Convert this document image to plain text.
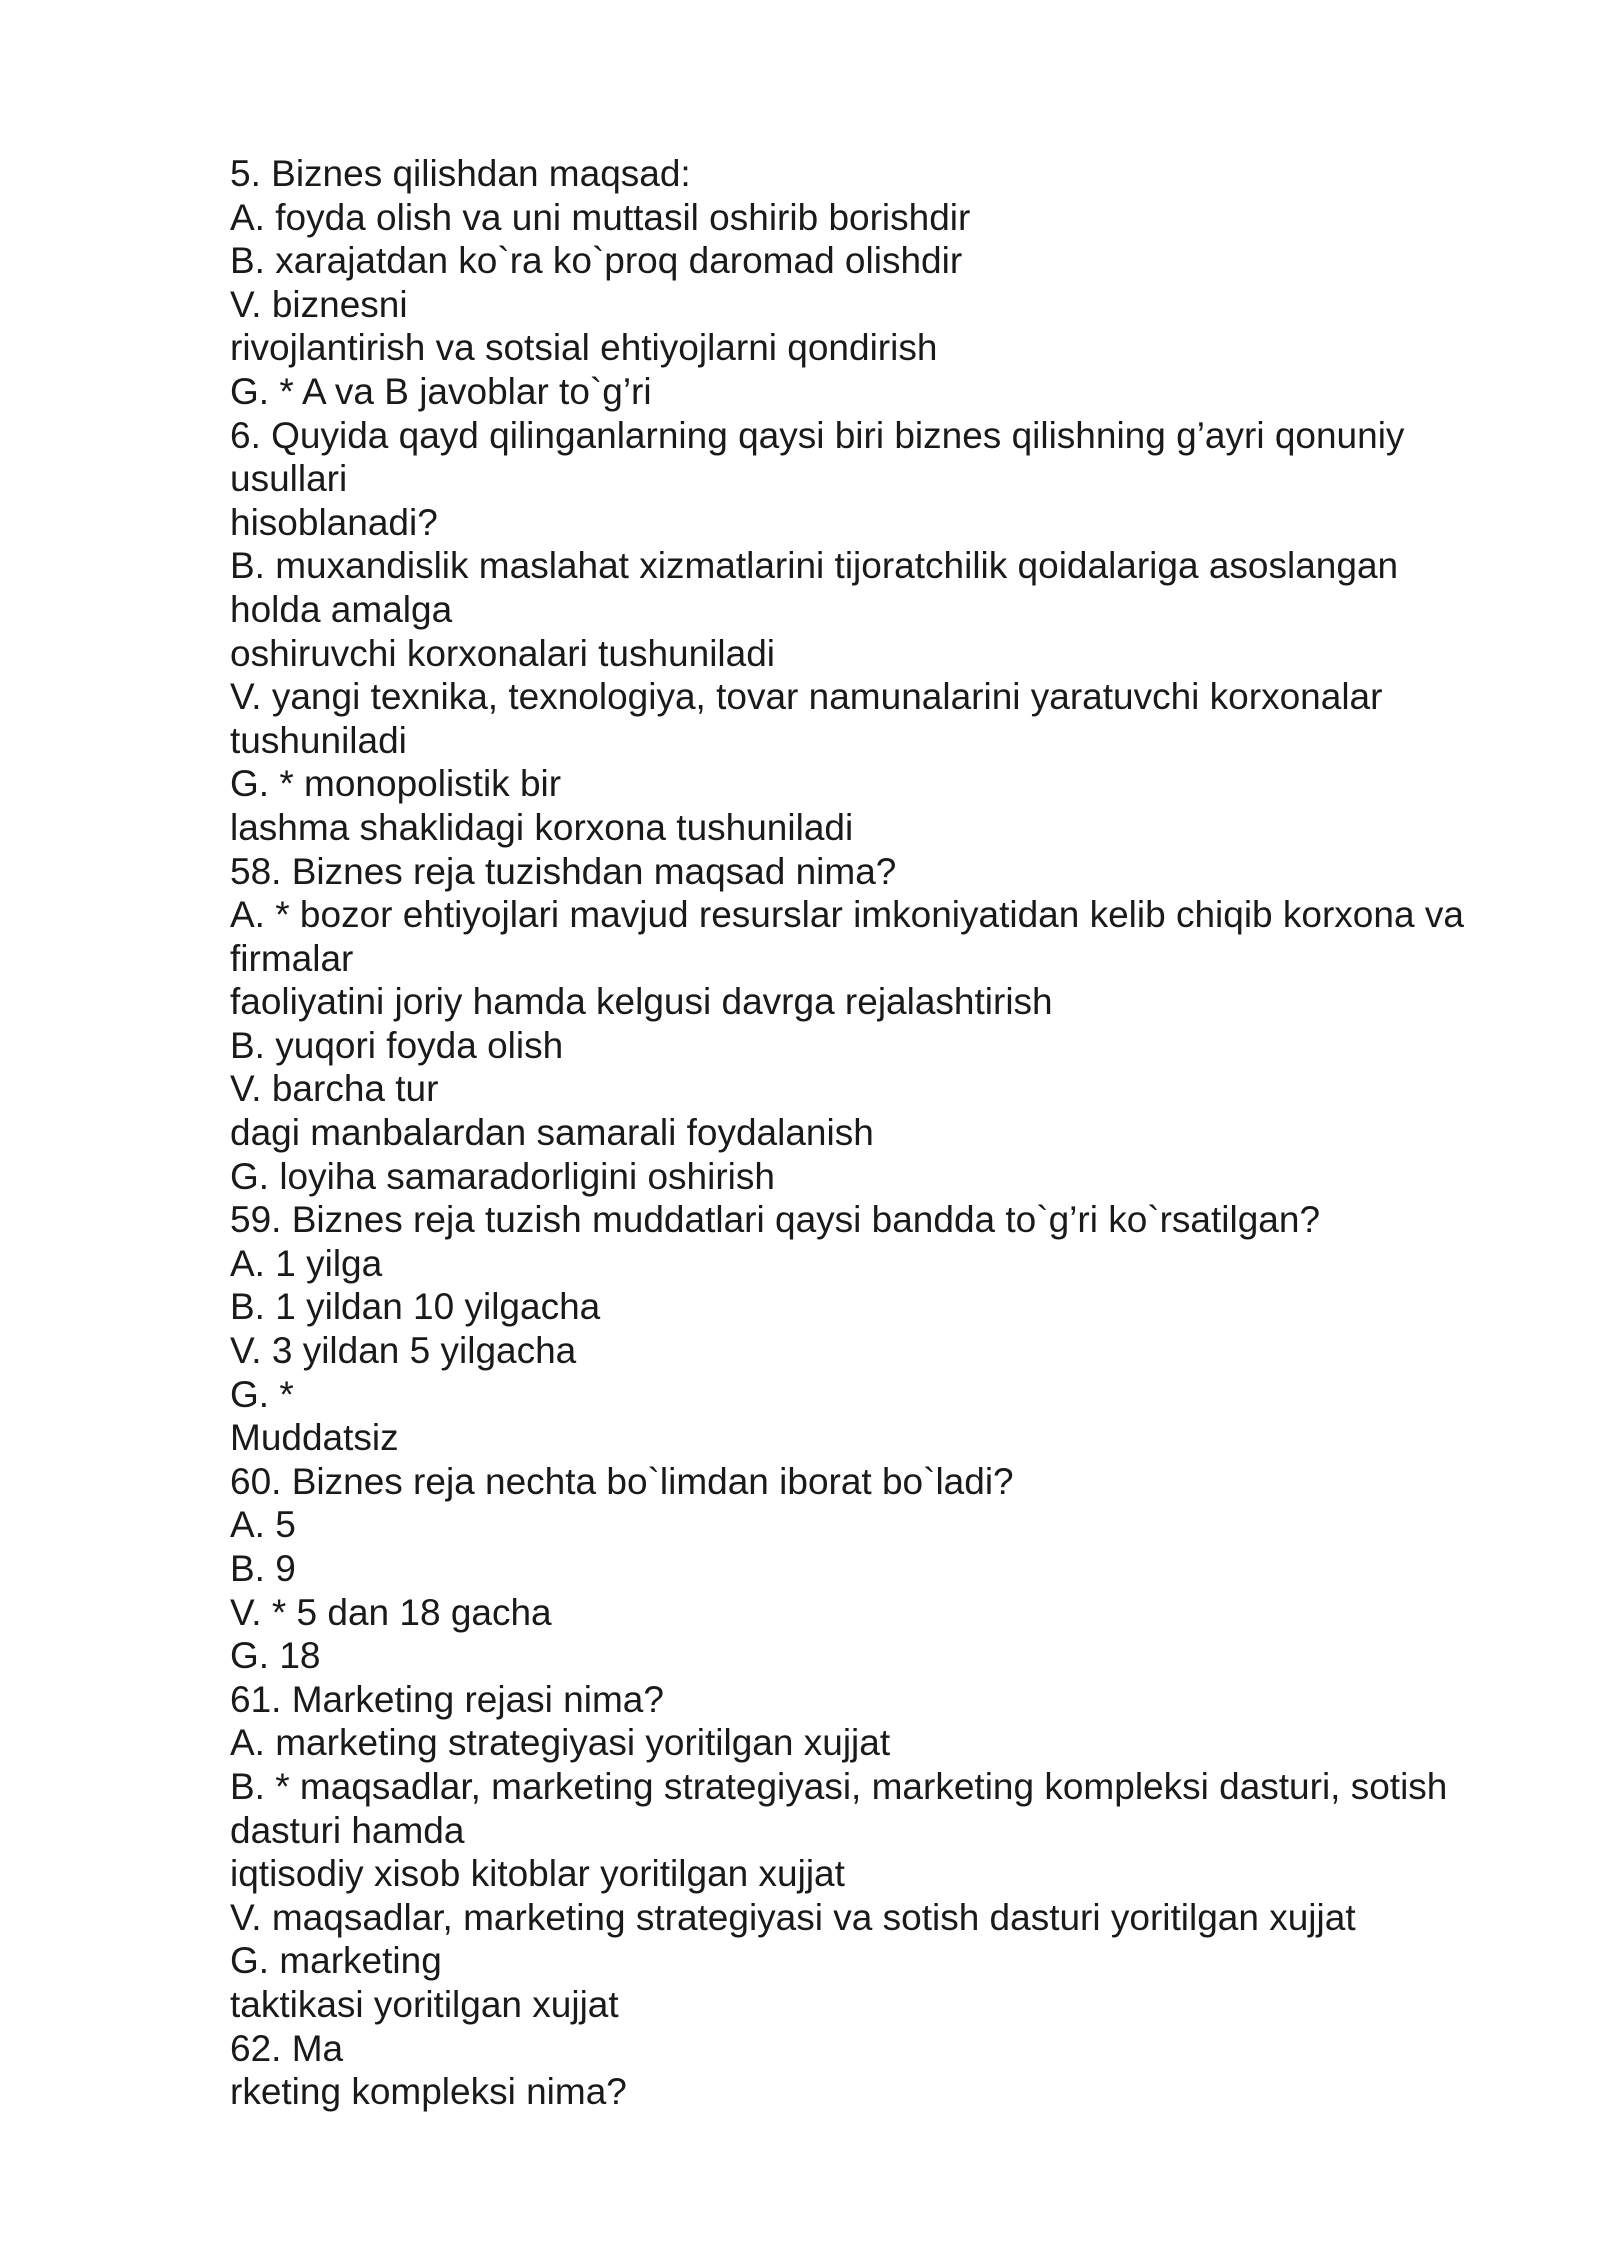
5. Biznes qilishdan maqsad:
A. foyda olish va uni muttasil oshirib borishdir
B. xarajatdan ko`ra ko`proq daromad olishdir
V. biznesni
rivojlantirish va sotsial ehtiyojlarni qondirish
G. * A va B javoblar to`g’ri
6. Quyida qayd qilinganlarning qaysi biri biznes qilishning g’ayri qonuniy
usullari
hisoblanadi?
B. muxandislik maslahat xizmatlarini tijoratchilik qoidalariga asoslangan
holda amalga
oshiruvchi korxonalari tushuniladi
V. yangi texnika, texnologiya, tovar namunalarini yaratuvchi korxonalar
tushuniladi
G. * monopolistik bir
lashma shaklidagi korxona tushuniladi
58. Biznes reja tuzishdan maqsad nima?
A. * bozor ehtiyojlari mavjud resurslar imkoniyatidan kelib chiqib korxona va
firmalar
faoliyatini joriy hamda kelgusi davrga rejalashtirish
B. yuqori foyda olish
V. barcha tur
dagi manbalardan samarali foydalanish
G. loyiha samaradorligini oshirish
59. Biznes reja tuzish muddatlari qaysi bandda to`g’ri ko`rsatilgan?
A. 1 yilga
B. 1 yildan 10 yilgacha
V. 3 yildan 5 yilgacha
G. *
Muddatsiz
60. Biznes reja nechta bo`limdan iborat bo`ladi?
A. 5
B. 9
V. * 5 dan 18 gacha
G. 18
61. Marketing rejasi nima?
A. marketing strategiyasi yoritilgan xujjat
B. * maqsadlar, marketing strategiyasi, marketing kompleksi dasturi, sotish
dasturi hamda
iqtisodiy xisob kitoblar yoritilgan xujjat
V. maqsadlar, marketing strategiyasi va sotish dasturi yoritilgan xujjat
G. marketing
taktikasi yoritilgan xujjat
62. Ma
rketing kompleksi nima?
